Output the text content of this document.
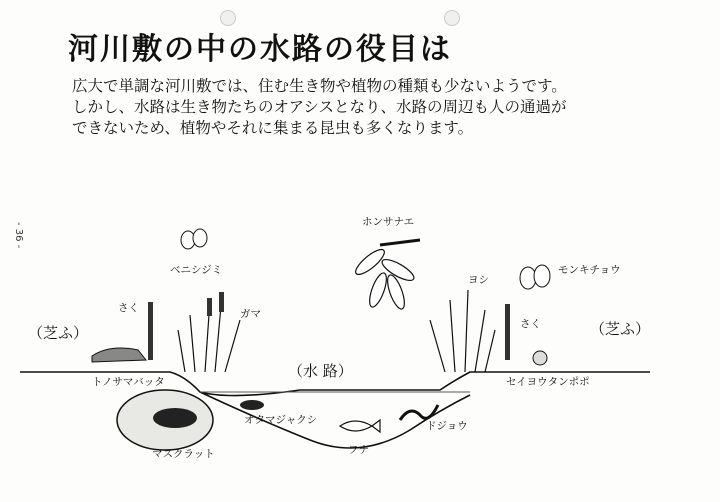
河川敷の中の水路の役目は
広大で単調な河川敷では、住む生き物や植物の種類も少ないようです。
しかし、水路は生き物たちのオアシスとなり、水路の周辺も人の通過が
できないため、植物やそれに集まる昆虫も多くなります。
- 36 -
（芝ふ）	（芝ふ）
（水 路）
ホンサナエ
ベニシジミ	モンキチョウ
ガマ
ヨシ
さく
さく
トノサマバッタ	セイヨウタンポポ
オタマジャクシ	ドジョウ
フナ
マスクラット
